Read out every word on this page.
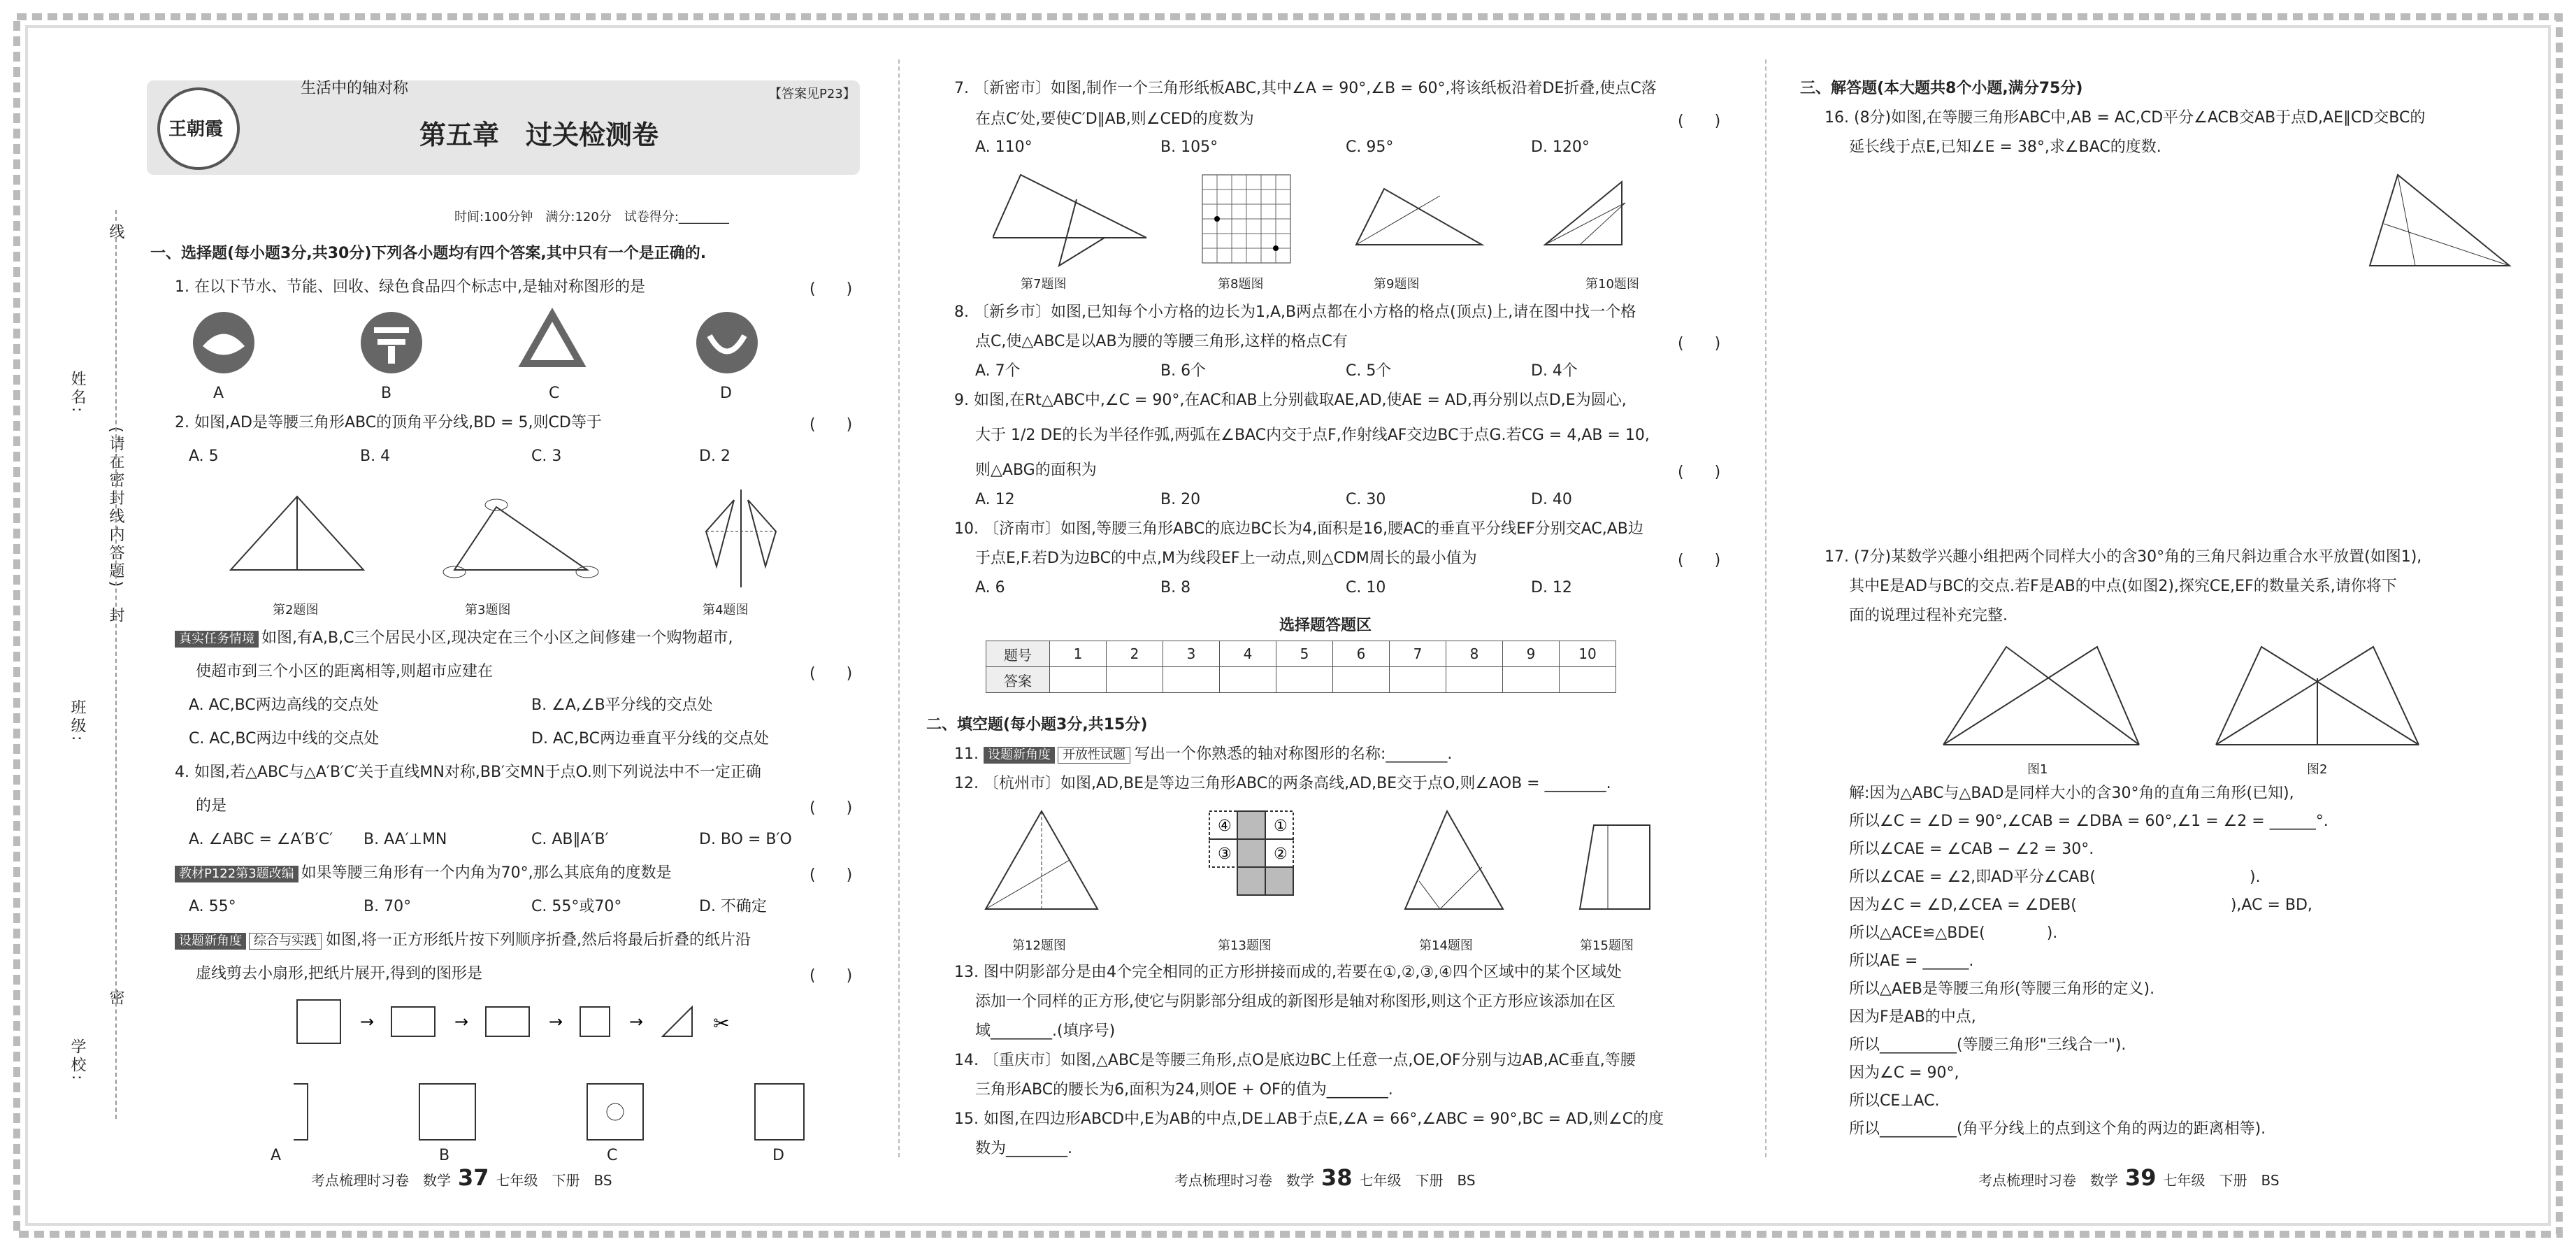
姓名:
班级:
学校:
线
封
密
(请在密封线内答题)
王朝霞
【答案见P23】
生活中的轴对称
第五章　过关检测卷
时间:100分钟　满分:120分　试卷得分:________
一、选择题(每小题3分,共30分)下列各小题均有四个答案,其中只有一个是正确的.
1. 在以下节水、节能、回收、绿色食品四个标志中,是轴对称图形的是	(　　)
A	B	C	D
2. 如图,AD是等腰三角形ABC的顶角平分线,BD = 5,则CD等于	(　　)
A. 5	B. 4	C. 3	D. 2
第2题图	第3题图	第4题图
真实任务情境 如图,有A,B,C三个居民小区,现决定在三个小区之间修建一个购物超市,
使超市到三个小区的距离相等,则超市应建在	(　　)
A. AC,BC两边高线的交点处	B. ∠A,∠B平分线的交点处
C. AC,BC两边中线的交点处	D. AC,BC两边垂直平分线的交点处
4. 如图,若△ABC与△A′B′C′关于直线MN对称,BB′交MN于点O.则下列说法中不一定正确
的是	(　　)
A. ∠ABC = ∠A′B′C′ B. AA′⊥MN	C. AB∥A′B′	D. BO = B′O
教材P122第3题改编 如果等腰三角形有一个内角为70°,那么其底角的度数是	(　　)
A. 55°	B. 70°	C. 55°或70°	D. 不确定
设题新角度 综合与实践 如图,将一正方形纸片按下列顺序折叠,然后将最后折叠的纸片沿
虚线剪去小扇形,把纸片展开,得到的图形是	(　　)
→	→	→	→	✂
A	B	C	D
考点梳理时习卷　数学 37 七年级　下册　BS
7. 〔新密市〕如图,制作一个三角形纸板ABC,其中∠A = 90°,∠B = 60°,将该纸板沿着DE折叠,使点C落
在点C′处,要使C′D∥AB,则∠CED的度数为	(　　)
A. 110°	B. 105°	C. 95°	D. 120°
第7题图	第8题图	第9题图	第10题图
8. 〔新乡市〕如图,已知每个小方格的边长为1,A,B两点都在小方格的格点(顶点)上,请在图中找一个格
点C,使△ABC是以AB为腰的等腰三角形,这样的格点C有	(　　)
A. 7个	B. 6个	C. 5个	D. 4个
9. 如图,在Rt△ABC中,∠C = 90°,在AC和AB上分别截取AE,AD,使AE = AD,再分别以点D,E为圆心,
大于 1/2 DE的长为半径作弧,两弧在∠BAC内交于点F,作射线AF交边BC于点G.若CG = 4,AB = 10,
则△ABG的面积为	(　　)
A. 12	B. 20	C. 30	D. 40
10. 〔济南市〕如图,等腰三角形ABC的底边BC长为4,面积是16,腰AC的垂直平分线EF分别交AC,AB边
于点E,F.若D为边BC的中点,M为线段EF上一动点,则△CDM周长的最小值为	(　　)
A. 6	B. 8	C. 10	D. 12
选择题答题区
题号	1	2	3	4	5	6	7	8	9	10
答案										
二、填空题(每小题3分,共15分)
11. 设题新角度 开放性试题 写出一个你熟悉的轴对称图形的名称:________.
12. 〔杭州市〕如图,AD,BE是等边三角形ABC的两条高线,AD,BE交于点O,则∠AOB = ________.
④
②
③
①
第12题图	第13题图	第14题图	第15题图
13. 图中阴影部分是由4个完全相同的正方形拼接而成的,若要在①,②,③,④四个区域中的某个区域处
添加一个同样的正方形,使它与阴影部分组成的新图形是轴对称图形,则这个正方形应该添加在区
域________.(填序号)
14. 〔重庆市〕如图,△ABC是等腰三角形,点O是底边BC上任意一点,OE,OF分别与边AB,AC垂直,等腰
三角形ABC的腰长为6,面积为24,则OE + OF的值为________.
15. 如图,在四边形ABCD中,E为AB的中点,DE⊥AB于点E,∠A = 66°,∠ABC = 90°,BC = AD,则∠C的度
数为________.
考点梳理时习卷　数学 38 七年级　下册　BS
三、解答题(本大题共8个小题,满分75分)
16. (8分)如图,在等腰三角形ABC中,AB = AC,CD平分∠ACB交AB于点D,AE∥CD交BC的
延长线于点E,已知∠E = 38°,求∠BAC的度数.
17. (7分)某数学兴趣小组把两个同样大小的含30°角的三角尺斜边重合水平放置(如图1),
其中E是AD与BC的交点.若F是AB的中点(如图2),探究CE,EF的数量关系,请你将下
面的说理过程补充完整.
图1	图2
解:因为△ABC与△BAD是同样大小的含30°角的直角三角形(已知),
所以∠C = ∠D = 90°,∠CAB = ∠DBA = 60°,∠1 = ∠2 = ______°.
所以∠CAE = ∠CAB − ∠2 = 30°.
所以∠CAE = ∠2,即AD平分∠CAB(　　　　　　　　　　).
因为∠C = ∠D,∠CEA = ∠DEB(　　　　　　　　　　),AC = BD,
所以△ACE≌△BDE(　　　　).
所以AE = ______.
所以△AEB是等腰三角形(等腰三角形的定义).
因为F是AB的中点,
所以__________(等腰三角形"三线合一").
因为∠C = 90°,
所以CE⊥AC.
所以__________(角平分线上的点到这个角的两边的距离相等).
考点梳理时习卷　数学 39 七年级　下册　BS
